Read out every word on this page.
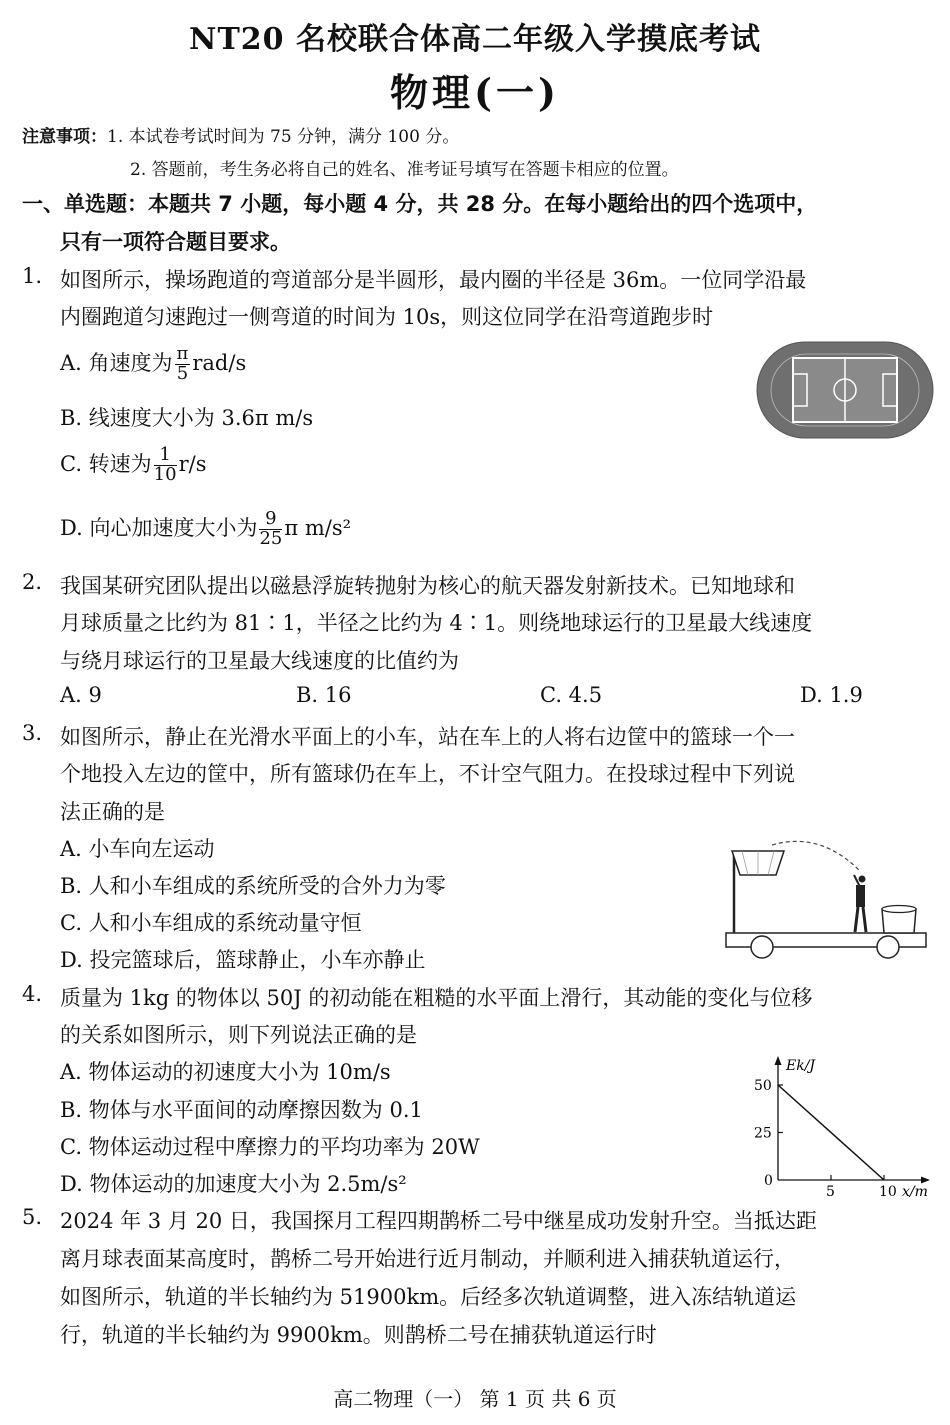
NT20 名校联合体高二年级入学摸底考试
物理(一)
注意事项：1. 本试卷考试时间为 75 分钟，满分 100 分。
2. 答题前，考生务必将自己的姓名、准考证号填写在答题卡相应的位置。
一、单选题：本题共 7 小题，每小题 4 分，共 28 分。在每小题给出的四个选项中，
只有一项符合题目要求。
1. 如图所示，操场跑道的弯道部分是半圆形，最内圈的半径是 36m。一位同学沿最
内圈跑道匀速跑过一侧弯道的时间为 10s，则这位同学在沿弯道跑步时
A. 角速度为 $\frac{\pi}{5} rad/s$
B. 线速度大小为 3.6π m/s
C. 转速为 $\frac{1}{10} r/s$
D. 向心加速度大小为 $\frac{9}{25}$ π m/s²
2. 我国某研究团队提出以磁悬浮旋转抛射为核心的航天器发射新技术。已知地球和
月球质量之比约为 81∶1，半径之比约为 4∶1。则绕地球运行的卫星最大线速度
与绕月球运行的卫星最大线速度的比值约为
A. 9	B. 16	C. 4.5	D. 1.9
3. 如图所示，静止在光滑水平面上的小车，站在车上的人将右边筐中的篮球一个一
个地投入左边的筐中，所有篮球仍在车上，不计空气阻力。在投球过程中下列说
法正确的是
A. 小车向左运动
B. 人和小车组成的系统所受的合外力为零
C. 人和小车组成的系统动量守恒
D. 投完篮球后，篮球静止，小车亦静止
4. 质量为 1kg 的物体以 50J 的初动能在粗糙的水平面上滑行，其动能的变化与位移
的关系如图所示，则下列说法正确的是
A. 物体运动的初速度大小为 10m/s
B. 物体与水平面间的动摩擦因数为 0.1
C. 物体运动过程中摩擦力的平均功率为 20W
D. 物体运动的加速度大小为 2.5m/s²
Ek/J
x/m
0
5	10
25
50
5. 2024 年 3 月 20 日，我国探月工程四期鹊桥二号中继星成功发射升空。当抵达距
离月球表面某高度时，鹊桥二号开始进行近月制动，并顺利进入捕获轨道运行，
如图所示，轨道的半长轴约为 51900km。后经多次轨道调整，进入冻结轨道运
行，轨道的半长轴约为 9900km。则鹊桥二号在捕获轨道运行时
高二物理（一） 第 1 页 共 6 页
